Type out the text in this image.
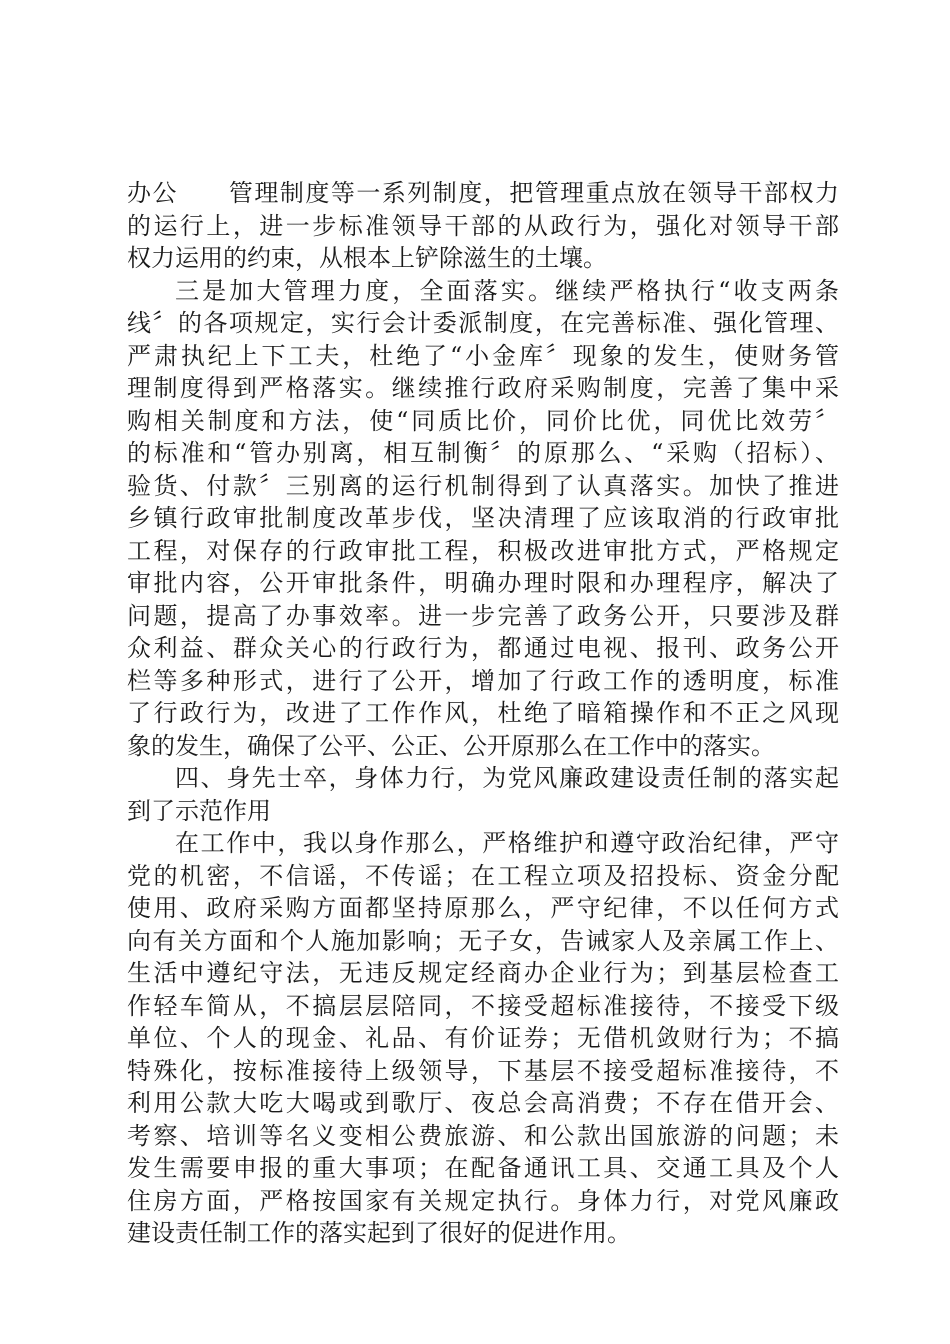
办公　　管理制度等一系列制度，把管理重点放在领导干部权力
的运行上，进一步标准领导干部的从政行为，强化对领导干部
权力运用的约束，从根本上铲除滋生的土壤。
三是加大管理力度，全面落实。继续严格执行“收支两条
线〞的各项规定，实行会计委派制度，在完善标准、强化管理、
严肃执纪上下工夫，杜绝了“小金库〞现象的发生，使财务管
理制度得到严格落实。继续推行政府采购制度，完善了集中采
购相关制度和方法，使“同质比价，同价比优，同优比效劳〞
的标准和“管办别离，相互制衡〞的原那么、“采购（招标）、
验货、付款〞三别离的运行机制得到了认真落实。加快了推进
乡镇行政审批制度改革步伐，坚决清理了应该取消的行政审批
工程，对保存的行政审批工程，积极改进审批方式，严格规定
审批内容，公开审批条件，明确办理时限和办理程序，解决了
问题，提高了办事效率。进一步完善了政务公开，只要涉及群
众利益、群众关心的行政行为，都通过电视、报刊、政务公开
栏等多种形式，进行了公开，增加了行政工作的透明度，标准
了行政行为，改进了工作作风，杜绝了暗箱操作和不正之风现
象的发生，确保了公平、公正、公开原那么在工作中的落实。
四、身先士卒，身体力行，为党风廉政建设责任制的落实起
到了示范作用
在工作中，我以身作那么，严格维护和遵守政治纪律，严守
党的机密，不信谣，不传谣；在工程立项及招投标、资金分配
使用、政府采购方面都坚持原那么，严守纪律，不以任何方式
向有关方面和个人施加影响；无子女，告诫家人及亲属工作上、
生活中遵纪守法，无违反规定经商办企业行为；到基层检查工
作轻车简从，不搞层层陪同，不接受超标准接待，不接受下级
单位、个人的现金、礼品、有价证券；无借机敛财行为；不搞
特殊化，按标准接待上级领导，下基层不接受超标准接待，不
利用公款大吃大喝或到歌厅、夜总会高消费；不存在借开会、
考察、培训等名义变相公费旅游、和公款出国旅游的问题；未
发生需要申报的重大事项；在配备通讯工具、交通工具及个人
住房方面，严格按国家有关规定执行。身体力行，对党风廉政
建设责任制工作的落实起到了很好的促进作用。
